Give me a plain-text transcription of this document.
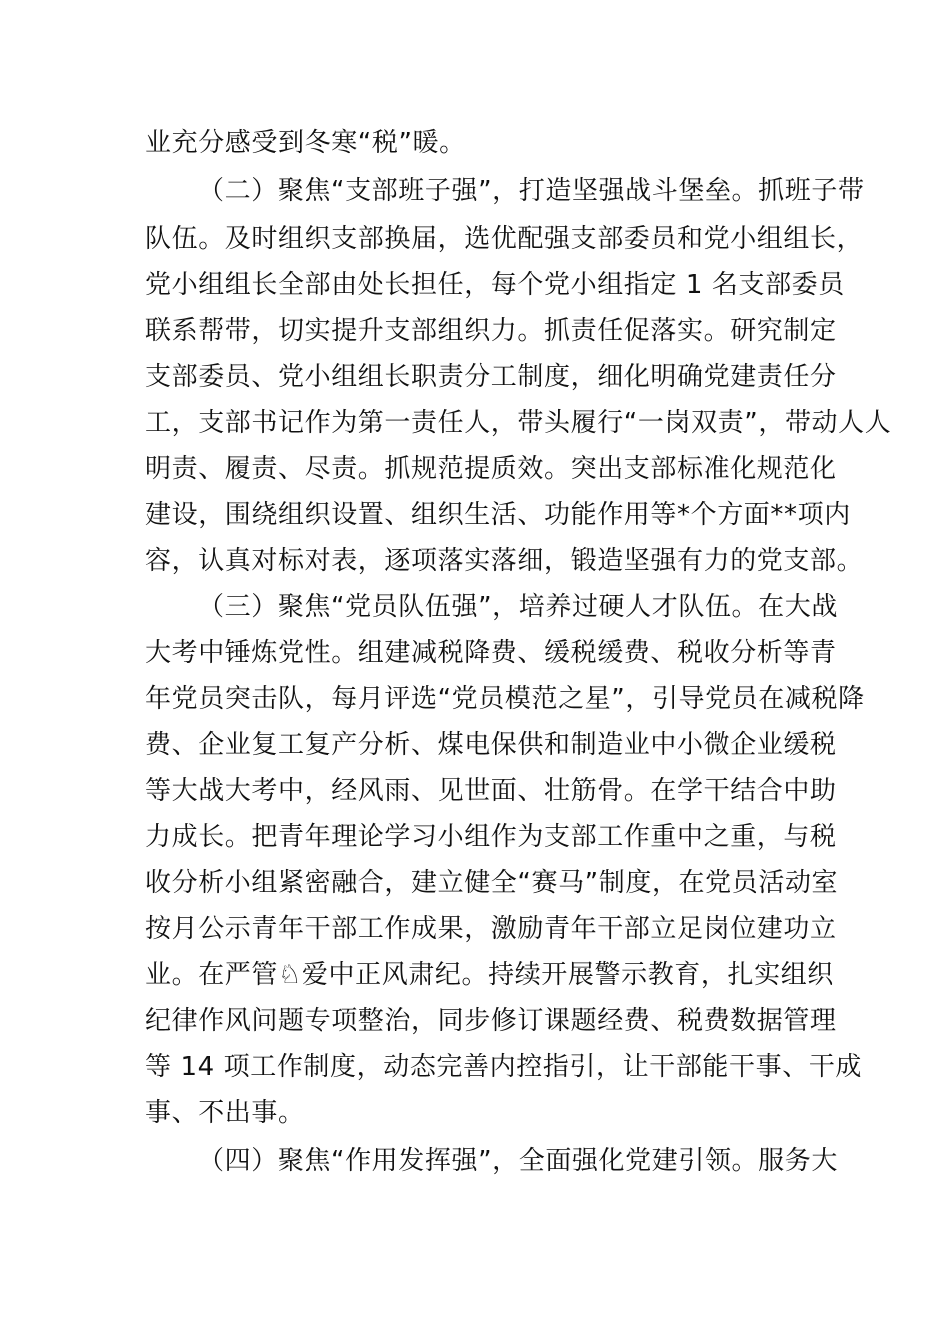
业充分感受到冬寒“税”暖。
（二）聚焦“支部班子强”，打造坚强战斗堡垒。抓班子带
队伍。及时组织支部换届，选优配强支部委员和党小组组长，
党小组组长全部由处长担任，每个党小组指定 1 名支部委员
联系帮带，切实提升支部组织力。抓责任促落实。研究制定
支部委员、党小组组长职责分工制度，细化明确党建责任分
工，支部书记作为第一责任人，带头履行“一岗双责”，带动人人
明责、履责、尽责。抓规范提质效。突出支部标准化规范化
建设，围绕组织设置、组织生活、功能作用等*个方面**项内
容，认真对标对表，逐项落实落细，锻造坚强有力的党支部。
（三）聚焦“党员队伍强”，培养过硬人才队伍。在大战
大考中锤炼党性。组建减税降费、缓税缓费、税收分析等青
年党员突击队，每月评选“党员模范之星”，引导党员在减税降
费、企业复工复产分析、煤电保供和制造业中小微企业缓税
等大战大考中，经风雨、见世面、壮筋骨。在学干结合中助
力成长。把青年理论学习小组作为支部工作重中之重，与税
收分析小组紧密融合，建立健全“赛马”制度，在党员活动室
按月公示青年干部工作成果，激励青年干部立足岗位建功立
业。在严管♘爱中正风肃纪。持续开展警示教育，扎实组织
纪律作风问题专项整治，同步修订课题经费、税费数据管理
等 14 项工作制度，动态完善内控指引，让干部能干事、干成
事、不出事。
（四）聚焦“作用发挥强”，全面强化党建引领。服务大
